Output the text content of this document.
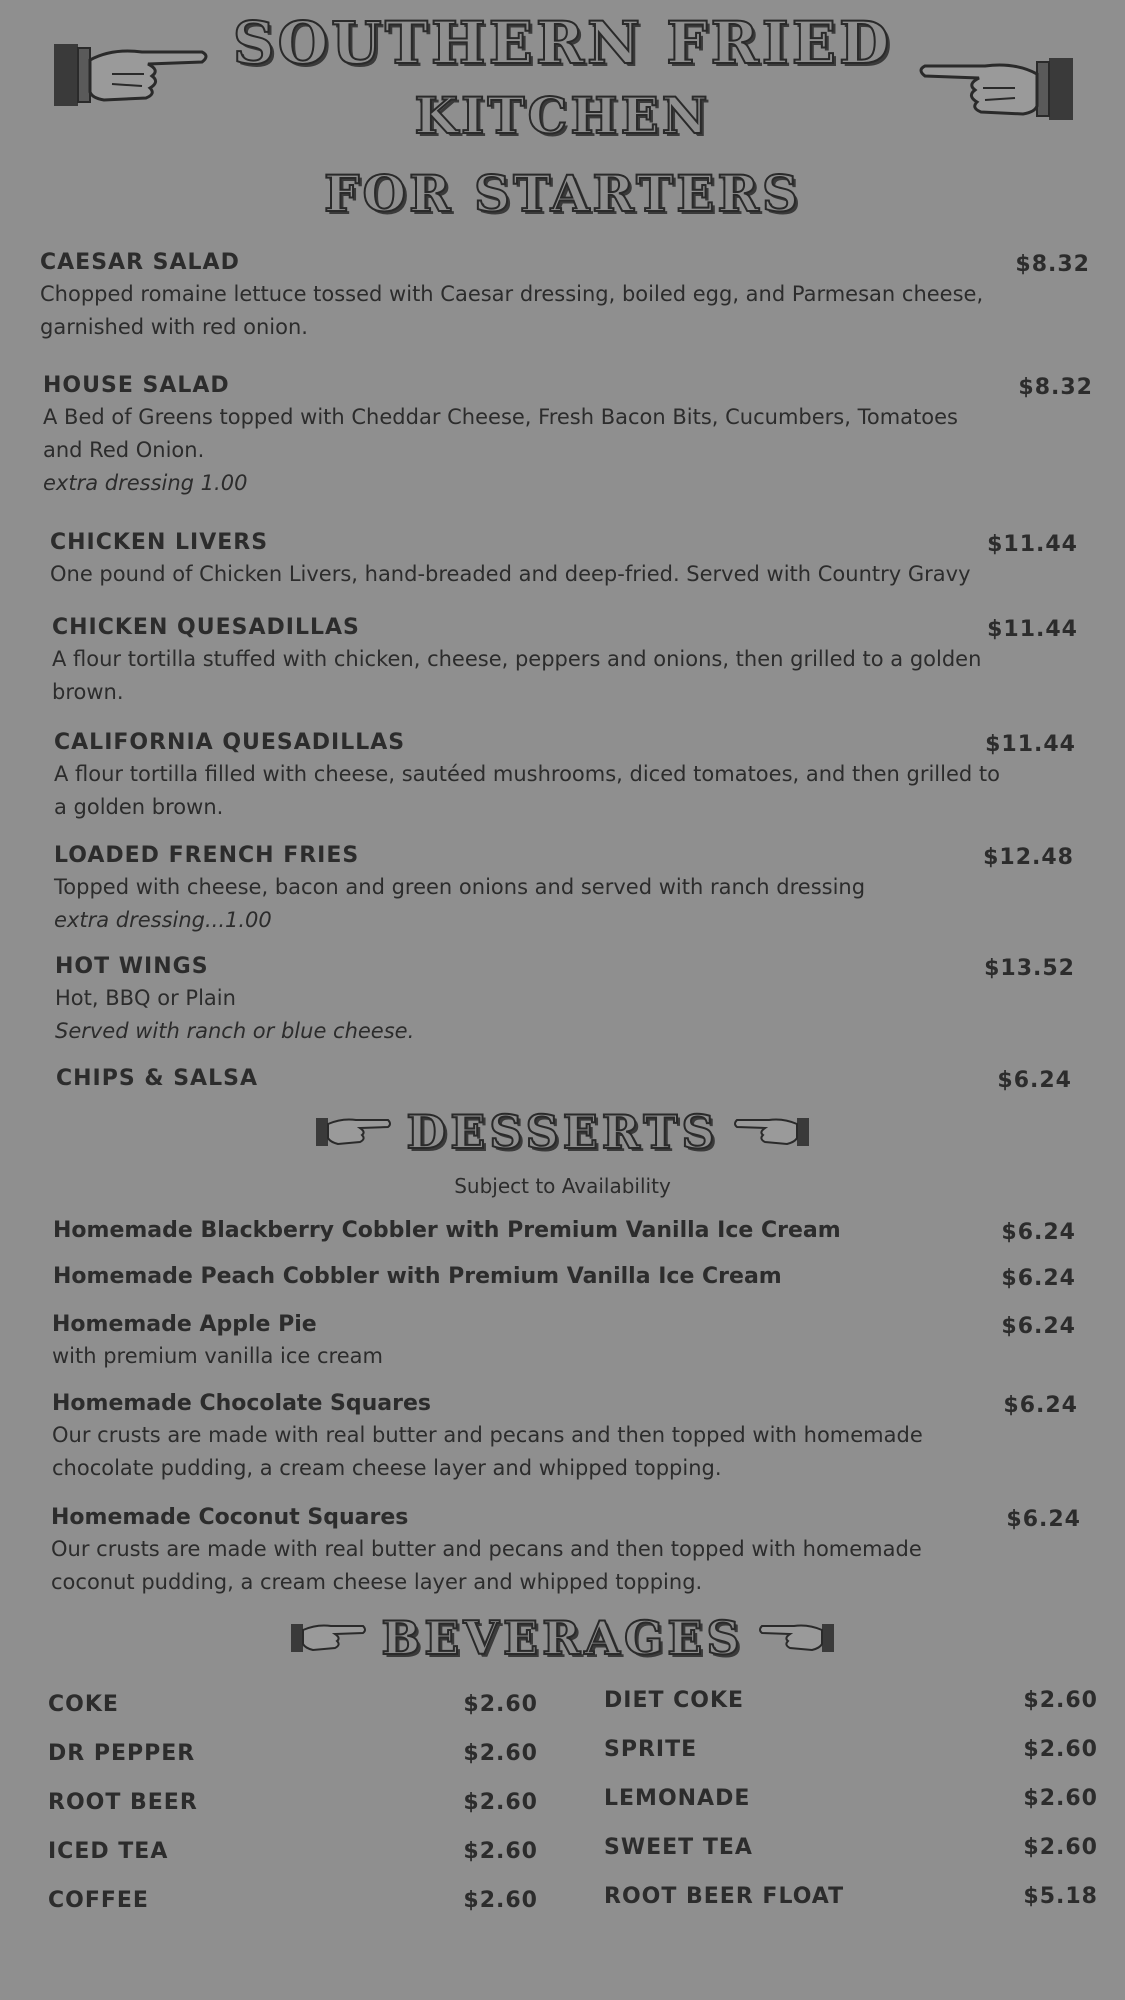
SOUTHERN FRIED
KITCHEN
FOR STARTERS
CAESAR SALAD	$8.32
Chopped romaine lettuce tossed with Caesar dressing, boiled egg, and Parmesan cheese, garnished with red onion.
HOUSE SALAD	$8.32
A Bed of Greens topped with Cheddar Cheese, Fresh Bacon Bits, Cucumbers, Tomatoes and Red Onion.
extra dressing 1.00
CHICKEN LIVERS	$11.44
One pound of Chicken Livers, hand-breaded and deep-fried. Served with Country Gravy
CHICKEN QUESADILLAS	$11.44
A flour tortilla stuffed with chicken, cheese, peppers and onions, then grilled to a golden brown.
CALIFORNIA QUESADILLAS	$11.44
A flour tortilla filled with cheese, sautéed mushrooms, diced tomatoes, and then grilled to a golden brown.
LOADED FRENCH FRIES	$12.48
Topped with cheese, bacon and green onions and served with ranch dressing
extra dressing...1.00
HOT WINGS	$13.52
Hot, BBQ or Plain
Served with ranch or blue cheese.
CHIPS & SALSA	$6.24
DESSERTS
Subject to Availability
Homemade Blackberry Cobbler with Premium Vanilla Ice Cream	$6.24
Homemade Peach Cobbler with Premium Vanilla Ice Cream	$6.24
Homemade Apple Pie	$6.24
with premium vanilla ice cream
Homemade Chocolate Squares	$6.24
Our crusts are made with real butter and pecans and then topped with homemade chocolate pudding, a cream cheese layer and whipped topping.
Homemade Coconut Squares	$6.24
Our crusts are made with real butter and pecans and then topped with homemade coconut pudding, a cream cheese layer and whipped topping.
BEVERAGES
COKE	$2.60
DR PEPPER	$2.60
ROOT BEER	$2.60
ICED TEA	$2.60
COFFEE	$2.60
DIET COKE	$2.60
SPRITE	$2.60
LEMONADE	$2.60
SWEET TEA	$2.60
ROOT BEER FLOAT	$5.18
